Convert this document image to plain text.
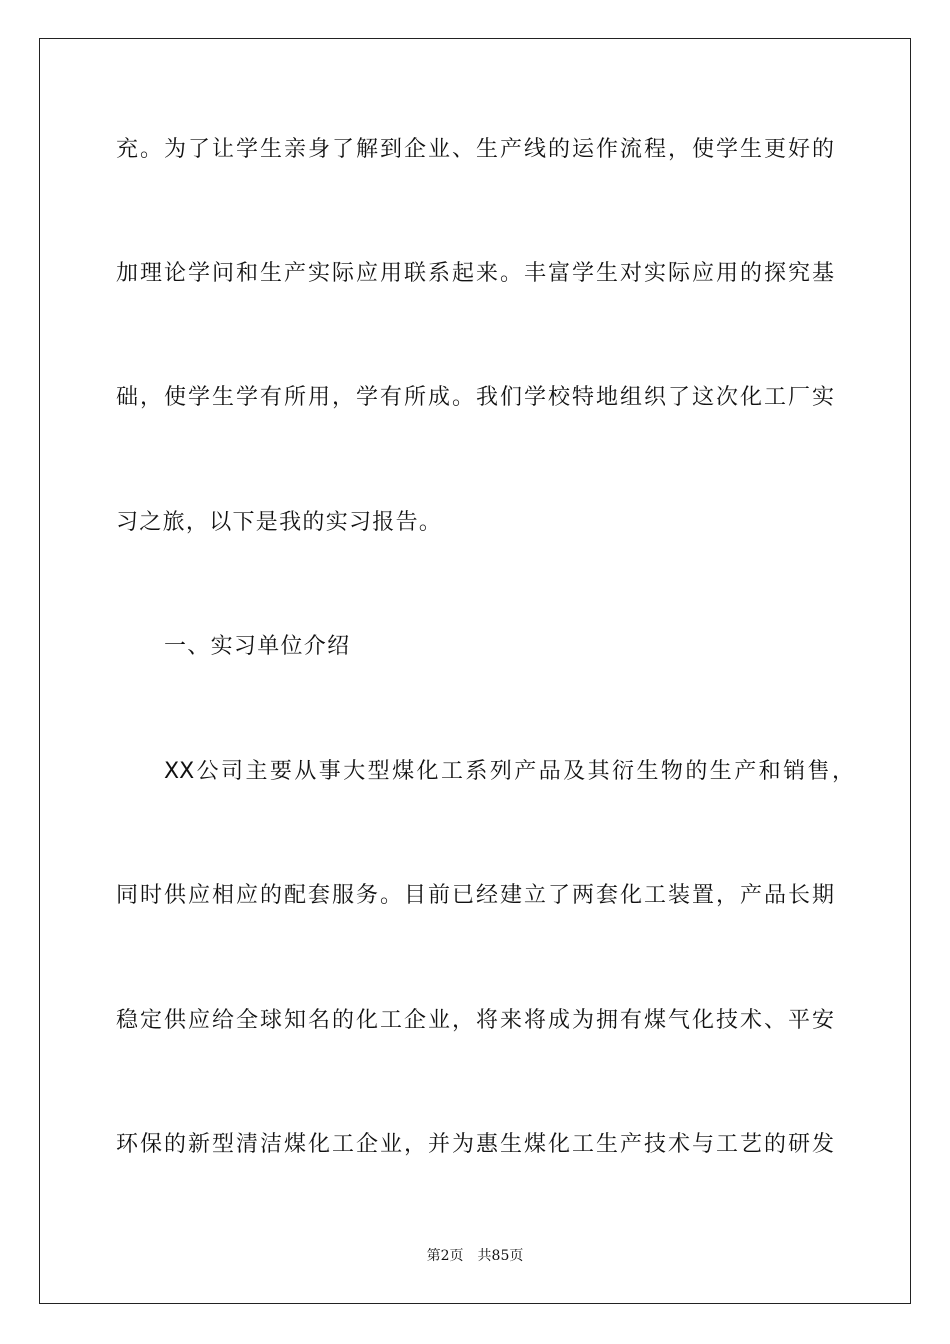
充。为了让学生亲身了解到企业、生产线的运作流程，使学生更好的
加理论学问和生产实际应用联系起来。丰富学生对实际应用的探究基
础，使学生学有所用，学有所成。我们学校特地组织了这次化工厂实
习之旅，以下是我的实习报告。
一、实习单位介绍
XX公司主要从事大型煤化工系列产品及其衍生物的生产和销售，
同时供应相应的配套服务。目前已经建立了两套化工装置，产品长期
稳定供应给全球知名的化工企业，将来将成为拥有煤气化技术、平安
环保的新型清洁煤化工企业，并为惠生煤化工生产技术与工艺的研发
第2页　共85页
